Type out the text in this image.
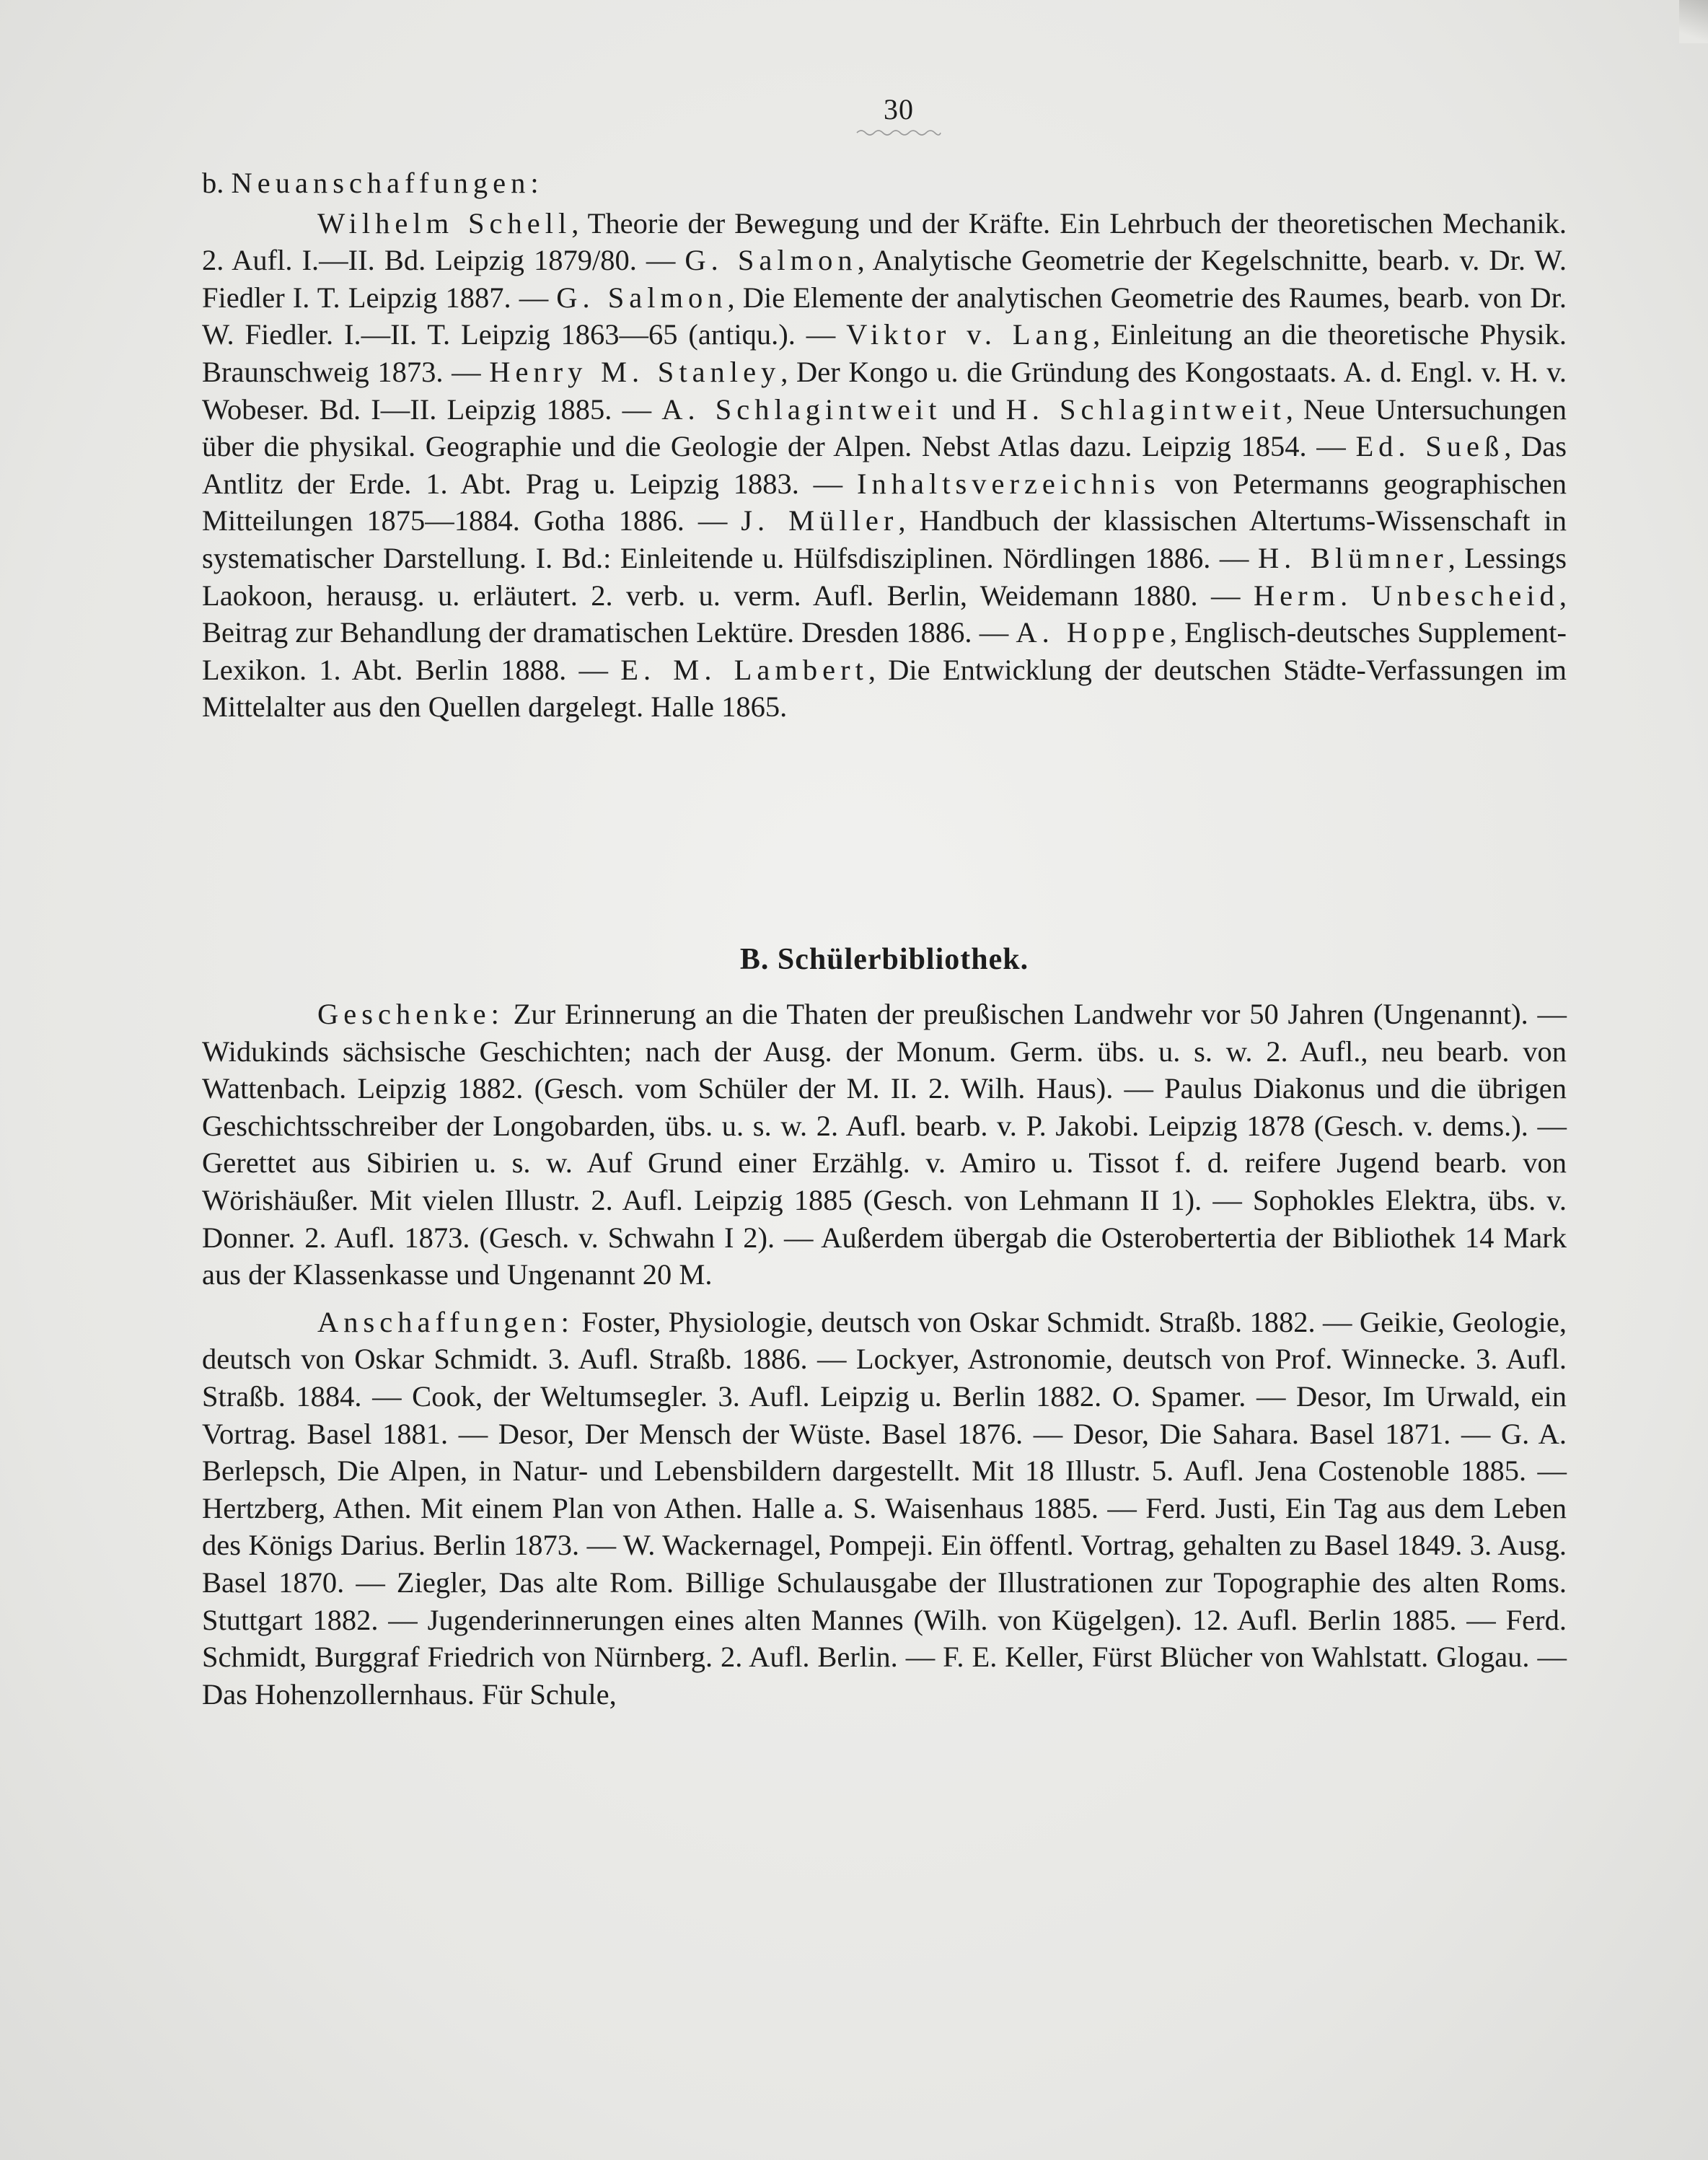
30

b. Neuanschaffungen:

Wilhelm Schell, Theorie der Bewegung und der Kräfte. Ein Lehrbuch der theoretischen Mechanik. 2. Aufl. I.—II. Bd. Leipzig 1879/80. — G. Salmon, Analytische Geometrie der Kegelschnitte, bearb. v. Dr. W. Fiedler I. T. Leipzig 1887. — G. Salmon, Die Elemente der analytischen Geometrie des Raumes, bearb. von Dr. W. Fiedler. I.—II. T. Leipzig 1863—65 (antiqu.). — Viktor v. Lang, Einleitung an die theoretische Physik. Braunschweig 1873. — Henry M. Stanley, Der Kongo u. die Gründung des Kongostaats. A. d. Engl. v. H. v. Wobeser. Bd. I—II. Leipzig 1885. — A. Schlagintweit und H. Schlagintweit, Neue Untersuchungen über die physikal. Geographie und die Geologie der Alpen. Nebst Atlas dazu. Leipzig 1854. — Ed. Sueß, Das Antlitz der Erde. 1. Abt. Prag u. Leipzig 1883. — Inhaltsverzeichnis von Petermanns geographischen Mitteilungen 1875—1884. Gotha 1886. — J. Müller, Handbuch der klassischen Altertums-Wissenschaft in systematischer Darstellung. I. Bd.: Einleitende u. Hülfsdisziplinen. Nördlingen 1886. — H. Blümner, Lessings Laokoon, herausg. u. erläutert. 2. verb. u. verm. Aufl. Berlin, Weidemann 1880. — Herm. Unbescheid, Beitrag zur Behandlung der dramatischen Lektüre. Dresden 1886. — A. Hoppe, Englisch-deutsches Supplement-Lexikon. 1. Abt. Berlin 1888. — E. M. Lambert, Die Entwicklung der deutschen Städte-Verfassungen im Mittelalter aus den Quellen dargelegt. Halle 1865.

B. Schülerbibliothek.

Geschenke: Zur Erinnerung an die Thaten der preußischen Landwehr vor 50 Jahren (Ungenannt). — Widukinds sächsische Geschichten; nach der Ausg. der Monum. Germ. übs. u. s. w. 2. Aufl., neu bearb. von Wattenbach. Leipzig 1882. (Gesch. vom Schüler der M. II. 2. Wilh. Haus). — Paulus Diakonus und die übrigen Geschichtsschreiber der Longobarden, übs. u. s. w. 2. Aufl. bearb. v. P. Jakobi. Leipzig 1878 (Gesch. v. dems.). — Gerettet aus Sibirien u. s. w. Auf Grund einer Erzählg. v. Amiro u. Tissot f. d. reifere Jugend bearb. von Wörishäußer. Mit vielen Illustr. 2. Aufl. Leipzig 1885 (Gesch. von Lehmann II 1). — Sophokles Elektra, übs. v. Donner. 2. Aufl. 1873. (Gesch. v. Schwahn I 2). — Außerdem übergab die Osterobertertia der Bibliothek 14 Mark aus der Klassenkasse und Ungenannt 20 M.

Anschaffungen: Foster, Physiologie, deutsch von Oskar Schmidt. Straßb. 1882. — Geikie, Geologie, deutsch von Oskar Schmidt. 3. Aufl. Straßb. 1886. — Lockyer, Astronomie, deutsch von Prof. Winnecke. 3. Aufl. Straßb. 1884. — Cook, der Weltumsegler. 3. Aufl. Leipzig u. Berlin 1882. O. Spamer. — Desor, Im Urwald, ein Vortrag. Basel 1881. — Desor, Der Mensch der Wüste. Basel 1876. — Desor, Die Sahara. Basel 1871. — G. A. Berlepsch, Die Alpen, in Natur- und Lebensbildern dargestellt. Mit 18 Illustr. 5. Aufl. Jena Costenoble 1885. — Hertzberg, Athen. Mit einem Plan von Athen. Halle a. S. Waisenhaus 1885. — Ferd. Justi, Ein Tag aus dem Leben des Königs Darius. Berlin 1873. — W. Wackernagel, Pompeji. Ein öffentl. Vortrag, gehalten zu Basel 1849. 3. Ausg. Basel 1870. — Ziegler, Das alte Rom. Billige Schulausgabe der Illustrationen zur Topographie des alten Roms. Stuttgart 1882. — Jugenderinnerungen eines alten Mannes (Wilh. von Kügelgen). 12. Aufl. Berlin 1885. — Ferd. Schmidt, Burggraf Friedrich von Nürnberg. 2. Aufl. Berlin. — F. E. Keller, Fürst Blücher von Wahlstatt. Glogau. — Das Hohenzollernhaus. Für Schule,
